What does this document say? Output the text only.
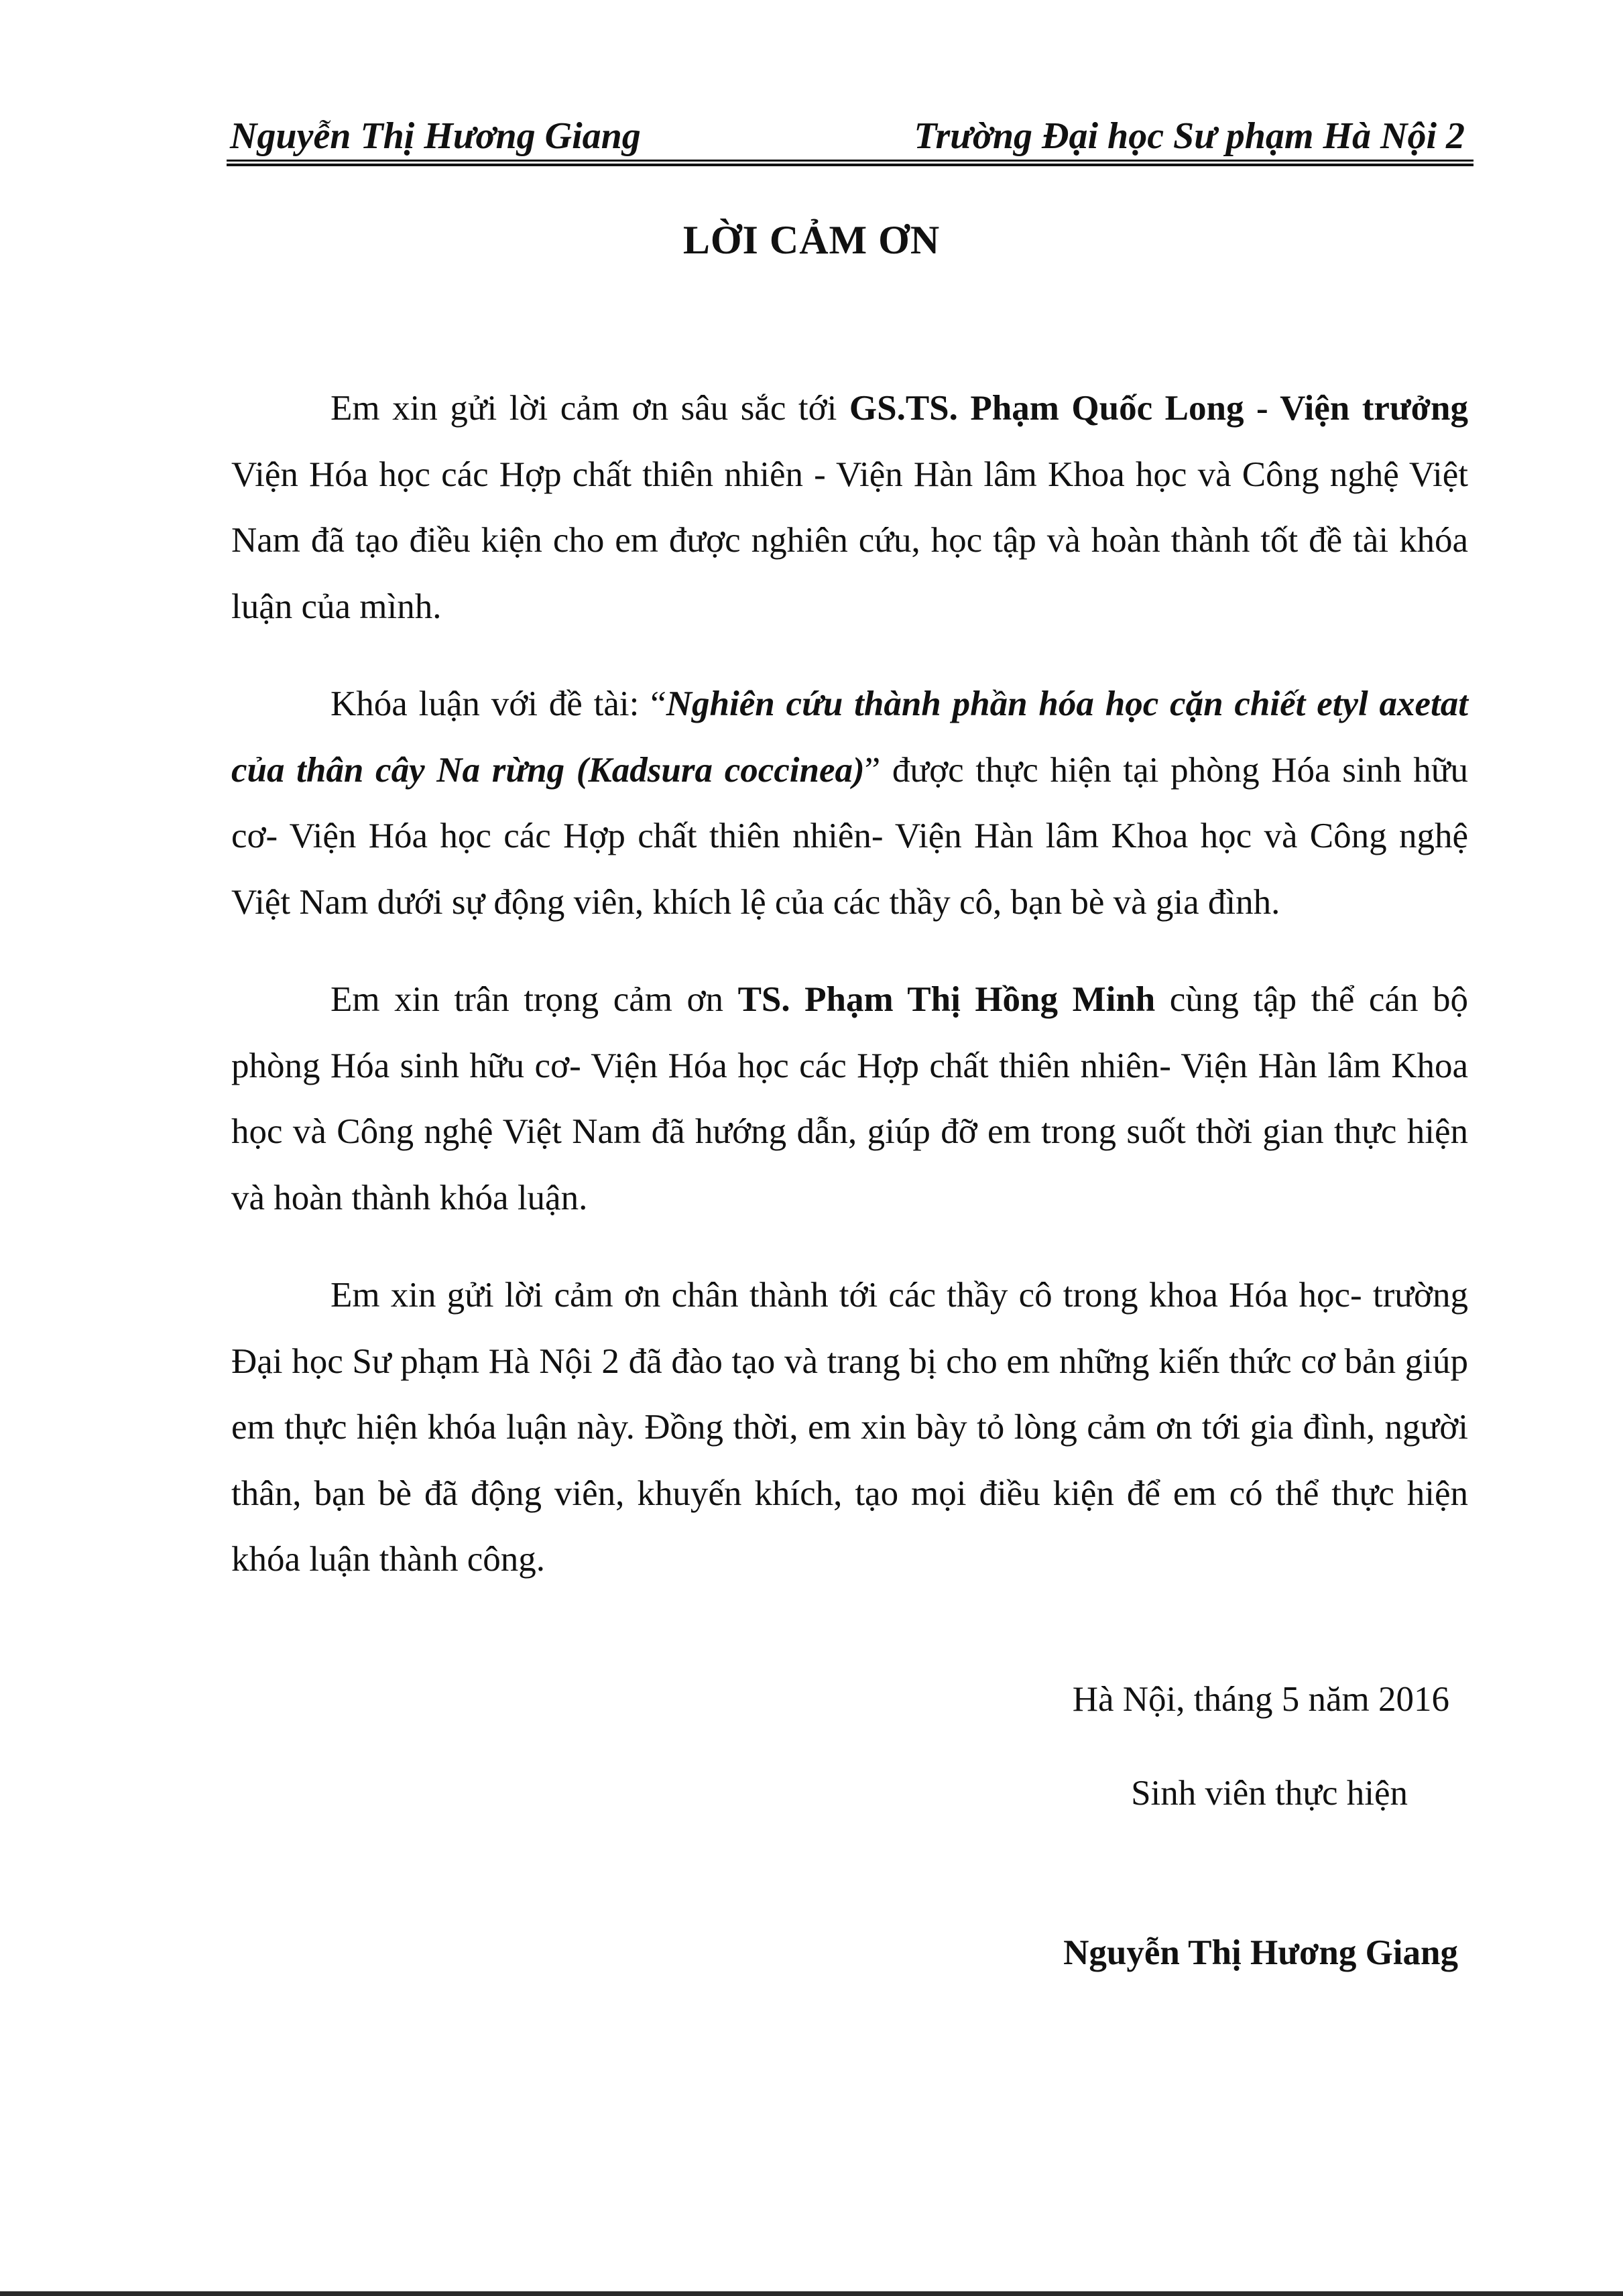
Nguyễn Thị Hương Giang	Trường Đại học Sư phạm Hà Nội 2
LỜI CẢM ƠN

Em xin gửi lời cảm ơn sâu sắc tới GS.TS. Phạm Quốc Long - Viện trưởng Viện Hóa học các Hợp chất thiên nhiên - Viện Hàn lâm Khoa học và Công nghệ Việt Nam đã tạo điều kiện cho em được nghiên cứu, học tập và hoàn thành tốt đề tài khóa luận của mình.

Khóa luận với đề tài: “Nghiên cứu thành phần hóa học cặn chiết etyl axetat của thân cây Na rừng (Kadsura coccinea)” được thực hiện tại phòng Hóa sinh hữu cơ- Viện Hóa học các Hợp chất thiên nhiên- Viện Hàn lâm Khoa học và Công nghệ Việt Nam dưới sự động viên, khích lệ của các thầy cô, bạn bè và gia đình.

Em xin trân trọng cảm ơn TS. Phạm Thị Hồng Minh cùng tập thể cán bộ phòng Hóa sinh hữu cơ- Viện Hóa học các Hợp chất thiên nhiên- Viện Hàn lâm Khoa học và Công nghệ Việt Nam đã hướng dẫn, giúp đỡ em trong suốt thời gian thực hiện và hoàn thành khóa luận.

Em xin gửi lời cảm ơn chân thành tới các thầy cô trong khoa Hóa học- trường Đại học Sư phạm Hà Nội 2 đã đào tạo và trang bị cho em những kiến thức cơ bản giúp em thực hiện khóa luận này. Đồng thời, em xin bày tỏ lòng cảm ơn tới gia đình, người thân, bạn bè đã động viên, khuyến khích, tạo mọi điều kiện để em có thể thực hiện khóa luận thành công.

Hà Nội, tháng 5 năm 2016
Sinh viên thực hiện
Nguyễn Thị Hương Giang
